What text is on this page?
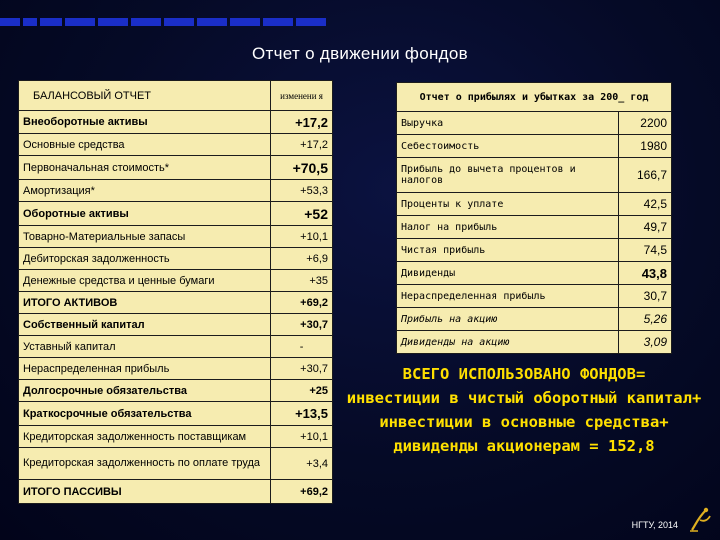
Отчет о движении фондов
БАЛАНСОВЫЙ ОТЧЕТ	изменени я
Внеоборотные активы	+17,2
Основные средства	+17,2
Первоначальная стоимость*	+70,5
Амортизация*	+53,3
Оборотные активы	+52
Товарно-Материальные запасы	+10,1
Дебиторская задолженность	+6,9
Денежные средства и ценные бумаги	+35
ИТОГО АКТИВОВ	+69,2
Собственный капитал	+30,7
Уставный капитал	-
Нераспределенная прибыль	+30,7
Долгосрочные обязательства	+25
Краткосрочные обязательства	+13,5
Кредиторская задолженность поставщикам	+10,1
Кредиторская задолженность по оплате труда	+3,4
ИТОГО ПАССИВЫ	+69,2
Отчет о прибылях и убытках за 200_ год	
Выручка	2200
Себестоимость	1980
Прибыль до вычета процентов и налогов	166,7
Проценты к уплате	42,5
Налог на прибыль	49,7
Чистая прибыль	74,5
Дивиденды	43,8
Нераспределенная прибыль	30,7
Прибыль на акцию	5,26
Дивиденды на акцию	3,09
ВСЕГО ИСПОЛЬЗОВАНО ФОНДОВ=
инвестиции в чистый оборотный капитал+
инвестиции в основные средства+
дивиденды акционерам = 152,8
НГТУ, 2014
